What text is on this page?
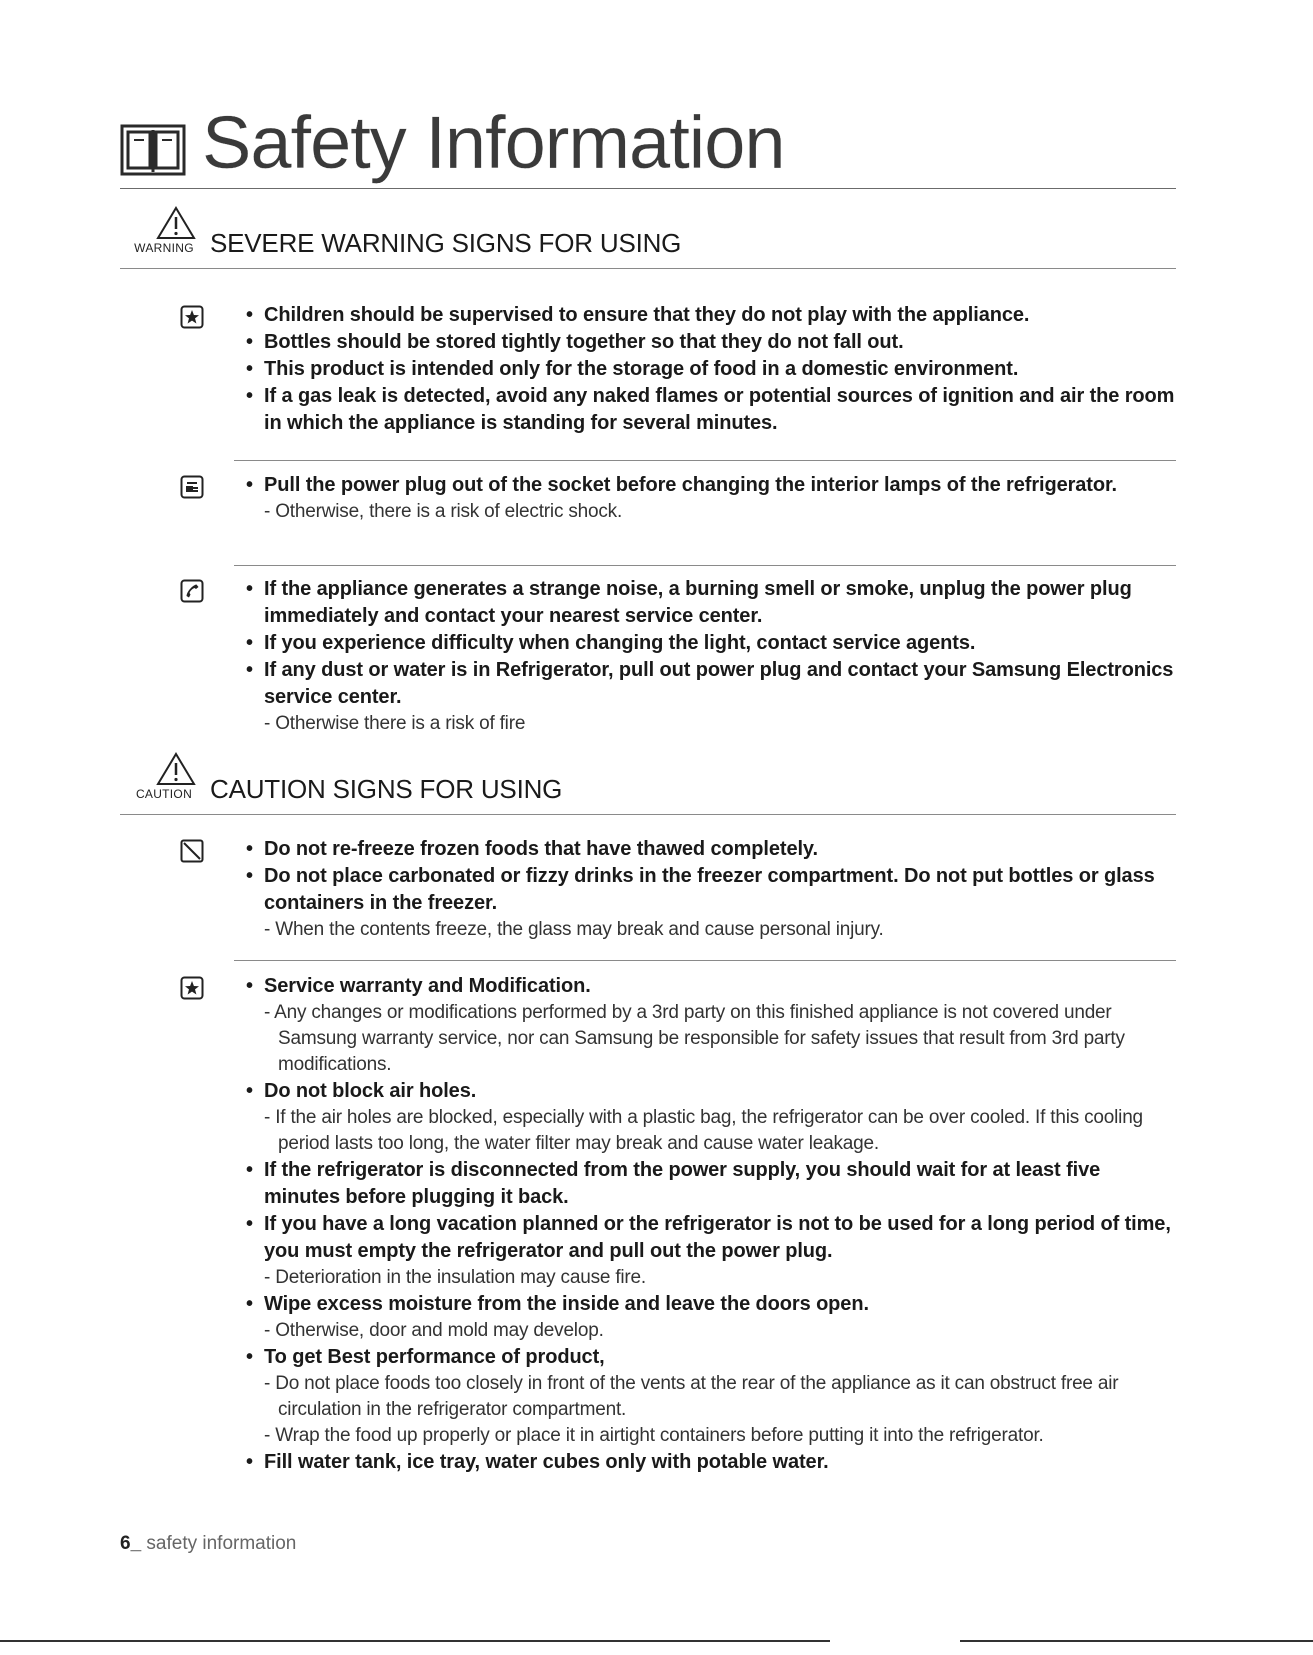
Safety Information
WARNING SEVERE WARNING SIGNS FOR USING
• Children should be supervised to ensure that they do not play with the appliance.
• Bottles should be stored tightly together so that they do not fall out.
• This product is intended only for the storage of food in a domestic environment.
• If a gas leak is detected, avoid any naked flames or potential sources of ignition and air the room in which the appliance is standing for several minutes.
• Pull the power plug out of the socket before changing the interior lamps of the refrigerator.
- Otherwise, there is a risk of electric shock.
• If the appliance generates a strange noise, a burning smell or smoke, unplug the power plug immediately and contact your nearest service center.
• If you experience difficulty when changing the light, contact service agents.
• If any dust or water is in Refrigerator, pull out power plug and contact your Samsung Electronics service center.
- Otherwise there is a risk of fire
CAUTION CAUTION SIGNS FOR USING
• Do not re-freeze frozen foods that have thawed completely.
• Do not place carbonated or fizzy drinks in the freezer compartment. Do not put bottles or glass containers in the freezer.
- When the contents freeze, the glass may break and cause personal injury.
• Service warranty and Modification.
- Any changes or modifications performed by a 3rd party on this finished appliance is not covered under Samsung warranty service, nor can Samsung be responsible for safety issues that result from 3rd party modifications.
• Do not block air holes.
- If the air holes are blocked, especially with a plastic bag, the refrigerator can be over cooled. If this cooling period lasts too long, the water filter may break and cause water leakage.
• If the refrigerator is disconnected from the power supply, you should wait for at least five minutes before plugging it back.
• If you have a long vacation planned or the refrigerator is not to be used for a long period of time, you must empty the refrigerator and pull out the power plug.
- Deterioration in the insulation may cause fire.
• Wipe excess moisture from the inside and leave the doors open.
- Otherwise, door and mold may develop.
• To get Best performance of product,
- Do not place foods too closely in front of the vents at the rear of the appliance as it can obstruct free air circulation in the refrigerator compartment.
- Wrap the food up properly or place it in airtight containers before putting it into the refrigerator.
• Fill water tank, ice tray, water cubes only with potable water.
6_ safety information
